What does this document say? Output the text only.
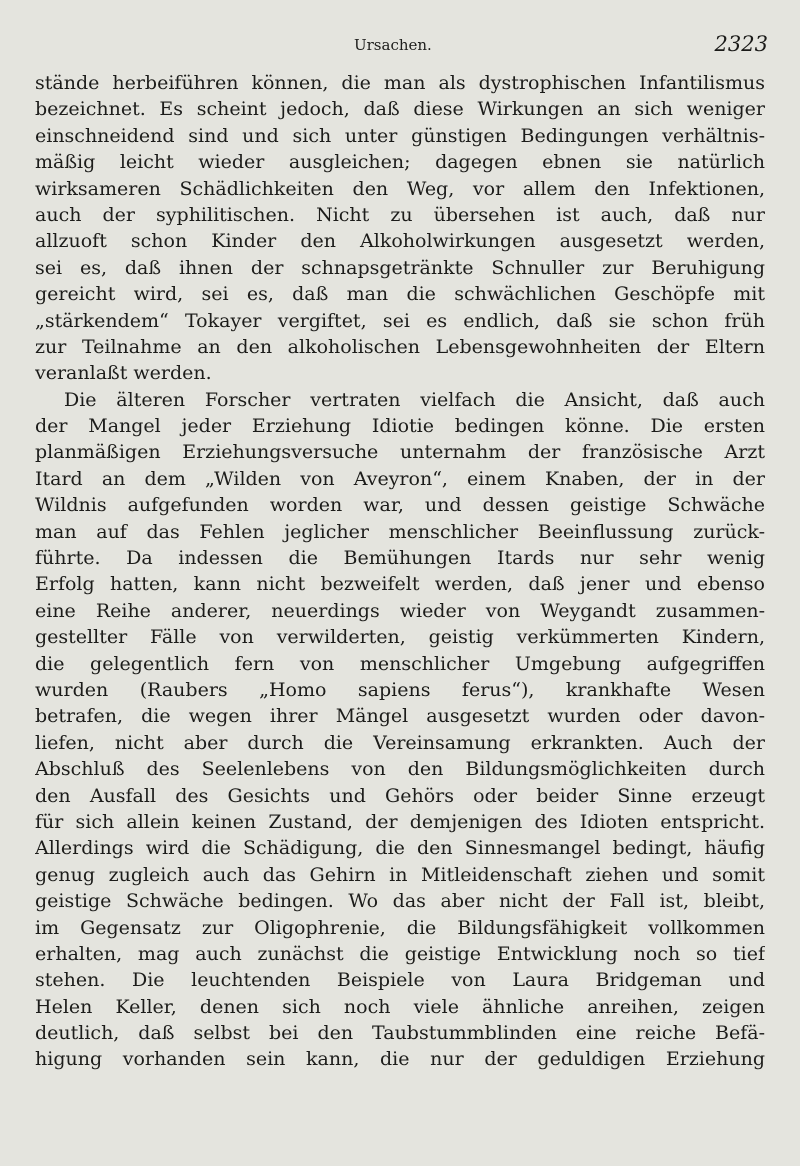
Ursachen.	2323
stände herbeiführen können, die man als dystrophischen Infantilismus
bezeichnet. Es scheint jedoch, daß diese Wirkungen an sich weniger
einschneidend sind und sich unter günstigen Bedingungen verhältnis-
mäßig leicht wieder ausgleichen; dagegen ebnen sie natürlich
wirksameren Schädlichkeiten den Weg, vor allem den Infektionen,
auch der syphilitischen. Nicht zu übersehen ist auch, daß nur
allzuoft schon Kinder den Alkoholwirkungen ausgesetzt werden,
sei es, daß ihnen der schnapsgetränkte Schnuller zur Beruhigung
gereicht wird, sei es, daß man die schwächlichen Geschöpfe mit
„stärkendem“ Tokayer vergiftet, sei es endlich, daß sie schon früh
zur Teilnahme an den alkoholischen Lebensgewohnheiten der Eltern
veranlaßt werden.
Die älteren Forscher vertraten vielfach die Ansicht, daß auch
der Mangel jeder Erziehung Idiotie bedingen könne. Die ersten
planmäßigen Erziehungsversuche unternahm der französische Arzt
Itard an dem „Wilden von Aveyron“, einem Knaben, der in der
Wildnis aufgefunden worden war, und dessen geistige Schwäche
man auf das Fehlen jeglicher menschlicher Beeinflussung zurück-
führte. Da indessen die Bemühungen Itards nur sehr wenig
Erfolg hatten, kann nicht bezweifelt werden, daß jener und ebenso
eine Reihe anderer, neuerdings wieder von Weygandt zusammen-
gestellter Fälle von verwilderten, geistig verkümmerten Kindern,
die gelegentlich fern von menschlicher Umgebung aufgegriffen
wurden (Raubers „Homo sapiens ferus“), krankhafte Wesen
betrafen, die wegen ihrer Mängel ausgesetzt wurden oder davon-
liefen, nicht aber durch die Vereinsamung erkrankten. Auch der
Abschluß des Seelenlebens von den Bildungsmöglichkeiten durch
den Ausfall des Gesichts und Gehörs oder beider Sinne erzeugt
für sich allein keinen Zustand, der demjenigen des Idioten entspricht.
Allerdings wird die Schädigung, die den Sinnesmangel bedingt, häufig
genug zugleich auch das Gehirn in Mitleidenschaft ziehen und somit
geistige Schwäche bedingen. Wo das aber nicht der Fall ist, bleibt,
im Gegensatz zur Oligophrenie, die Bildungsfähigkeit vollkommen
erhalten, mag auch zunächst die geistige Entwicklung noch so tief
stehen. Die leuchtenden Beispiele von Laura Bridgeman und
Helen Keller, denen sich noch viele ähnliche anreihen, zeigen
deutlich, daß selbst bei den Taubstummblinden eine reiche Befä-
higung vorhanden sein kann, die nur der geduldigen Erziehung
